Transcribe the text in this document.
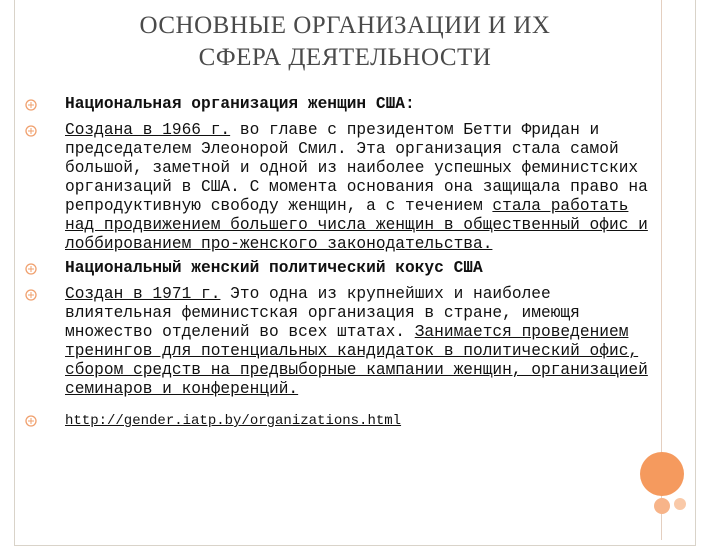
ОСНОВНЫЕ ОРГАНИЗАЦИИ И ИХ
СФЕРА ДЕЯТЕЛЬНОСТИ
Национальная организация женщин США:
Создана в 1966 г. во главе с президентом Бетти Фридан и председателем Элеонорой Смил. Эта организация стала самой большой, заметной и одной из наиболее успешных феминистских организаций в США. С момента основания она защищала право на репродуктивную свободу женщин, а с течением стала работать над продвижением большего числа женщин в общественный офис и лоббированием про-женского законодательства.
Национальный женский политический кокус США
Создан в 1971 г. Это одна из крупнейших и наиболее влиятельная феминистская организация в стране, имеющя множество отделений во всех штатах. Занимается проведением тренингов для потенциальных кандидаток в политический офис, сбором средств на предвыборные кампании женщин, организацией семинаров и конференций.
http://gender.iatp.by/organizations.html
